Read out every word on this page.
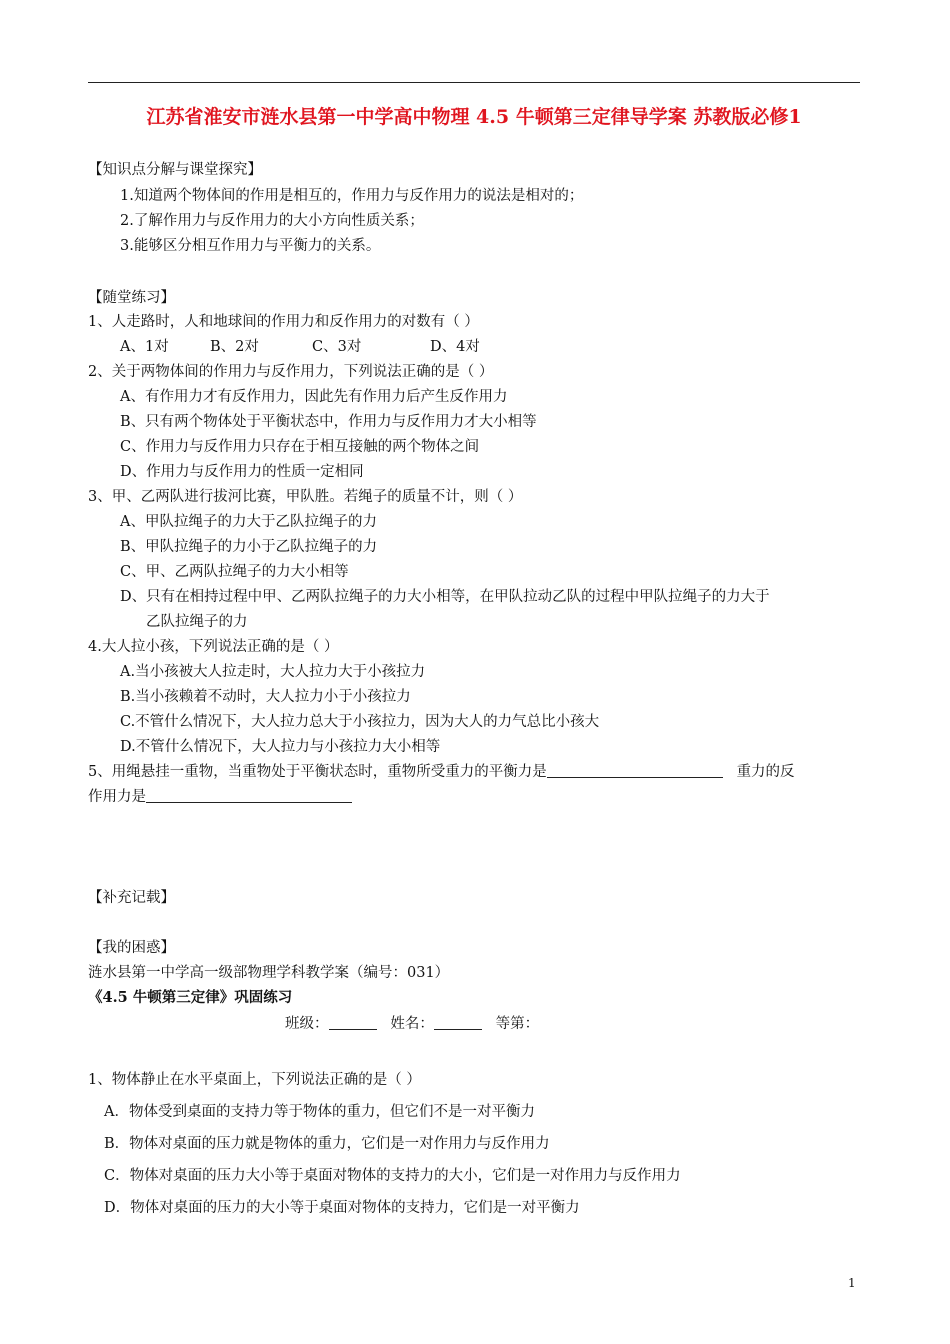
江苏省淮安市涟水县第一中学高中物理 4.5 牛顿第三定律导学案 苏教版必修1
【知识点分解与课堂探究】
1.知道两个物体间的作用是相互的，作用力与反作用力的说法是相对的；
2.了解作用力与反作用力的大小方向性质关系；
3.能够区分相互作用力与平衡力的关系。
【随堂练习】
1、人走路时，人和地球间的作用力和反作用力的对数有（ ）
A、1对	B、2对	C、3对	D、4对
2、关于两物体间的作用力与反作用力，下列说法正确的是（ ）
A、有作用力才有反作用力，因此先有作用力后产生反作用力
B、只有两个物体处于平衡状态中，作用力与反作用力才大小相等
C、作用力与反作用力只存在于相互接触的两个物体之间
D、作用力与反作用力的性质一定相同
3、甲、乙两队进行拔河比赛，甲队胜。若绳子的质量不计，则（ ）
A、甲队拉绳子的力大于乙队拉绳子的力
B、甲队拉绳子的力小于乙队拉绳子的力
C、甲、乙两队拉绳子的力大小相等
D、只有在相持过程中甲、乙两队拉绳子的力大小相等，在甲队拉动乙队的过程中甲队拉绳子的力大于
乙队拉绳子的力
4.大人拉小孩，下列说法正确的是（ ）
A.当小孩被大人拉走时，大人拉力大于小孩拉力
B.当小孩赖着不动时，大人拉力小于小孩拉力
C.不管什么情况下，大人拉力总大于小孩拉力，因为大人的力气总比小孩大
D.不管什么情况下，大人拉力与小孩拉力大小相等
5、用绳悬挂一重物，当重物处于平衡状态时，重物所受重力的平衡力是	重力的反
作用力是
【补充记载】
【我的困惑】
涟水县第一中学高一级部物理学科教学案（编号：031）
《4.5 牛顿第三定律》巩固练习
班级：	姓名：	等第：
1、物体静止在水平桌面上，下列说法正确的是（ ）
A．物体受到桌面的支持力等于物体的重力，但它们不是一对平衡力
B．物体对桌面的压力就是物体的重力，它们是一对作用力与反作用力
C．物体对桌面的压力大小等于桌面对物体的支持力的大小，它们是一对作用力与反作用力
D．物体对桌面的压力的大小等于桌面对物体的支持力，它们是一对平衡力
1
